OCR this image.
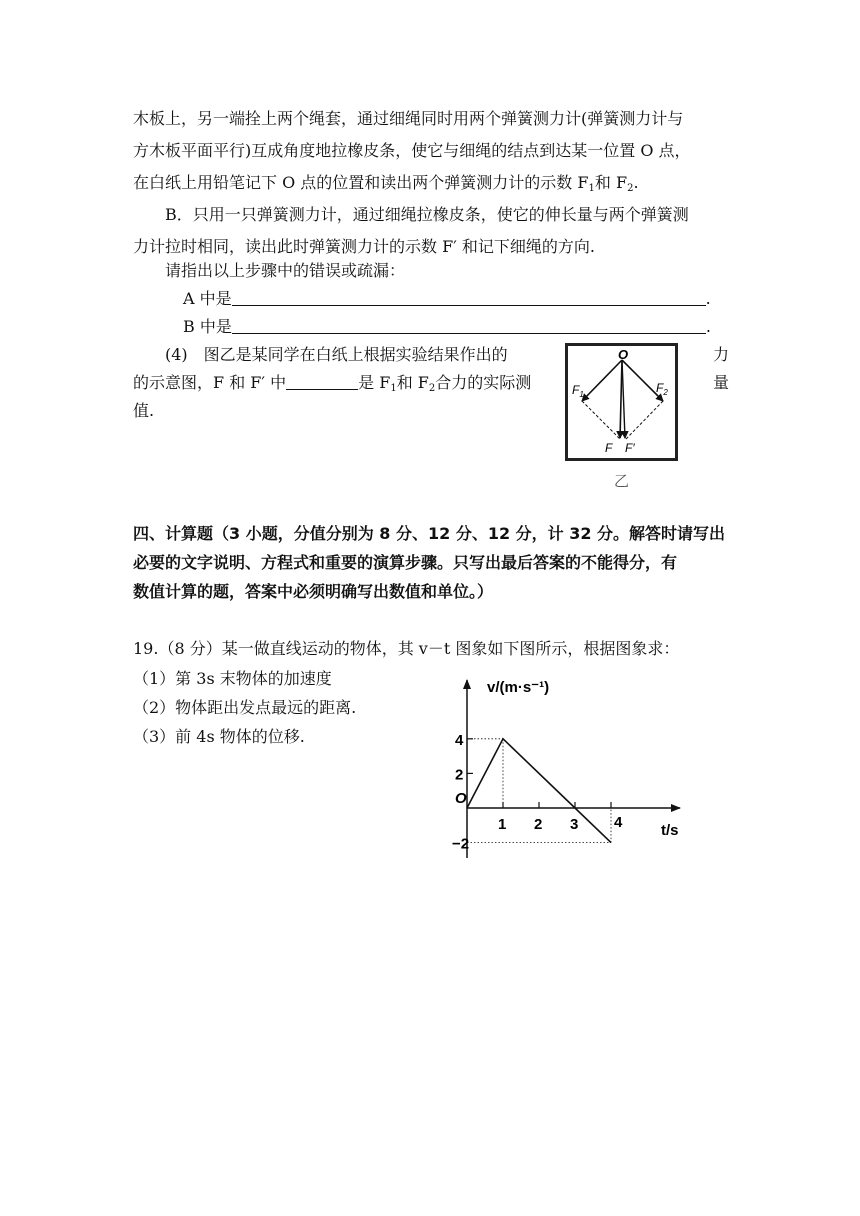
木板上，另一端拴上两个绳套，通过细绳同时用两个弹簧测力计(弹簧测力计与
方木板平面平行)互成角度地拉橡皮条，使它与细绳的结点到达某一位置 O 点，
在白纸上用铅笔记下 O 点的位置和读出两个弹簧测力计的示数 $F_1$和 $F_2$.
B．只用一只弹簧测力计，通过细绳拉橡皮条，使它的伸长量与两个弹簧测
力计拉时相同，读出此时弹簧测力计的示数 F′ 和记下细绳的方向.
请指出以上步骤中的错误或疏漏：
A 中是	.
B 中是	.
(4)　图乙是某同学在白纸上根据实验结果作出的	力
的示意图，F 和 F′ 中	是 $F_1$和 $F_2$合力的实际测	量
值.
O
$F_1$	$F_2$
F F′
乙
四、计算题（3 小题，分值分别为 8 分、12 分、12 分，计 32 分。解答时请写出
必要的文字说明、方程式和重要的演算步骤。只写出最后答案的不能得分，有
数值计算的题，答案中必须明确写出数值和单位。）
19.（8 分）某一做直线运动的物体，其 v－t 图象如下图所示，根据图象求：
（1）第 3s 末物体的加速度
（2）物体距出发点最远的距离.
（3）前 4s 物体的位移.
1 2 3 4
4
2
−2
v/(m·s⁻¹)
t/s
O
